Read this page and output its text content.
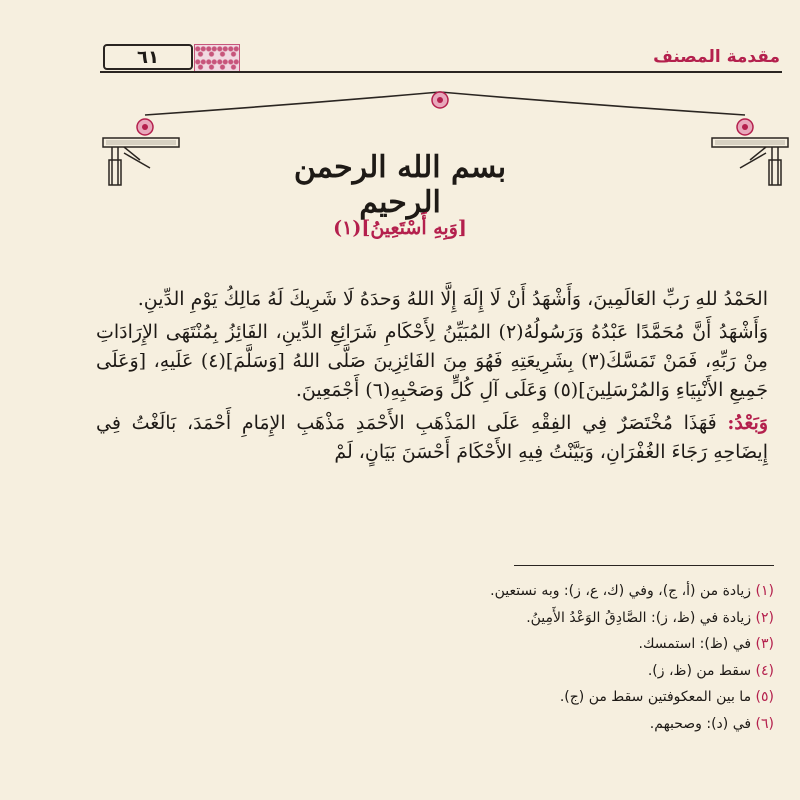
٦١	مقدمة المصنف
بسم الله الرحمن الرحيم
[وَبِهِ أَسْتَعِينُ](١)

الحَمْدُ للهِ رَبِّ العَالَمِينَ، وَأَشْهَدُ أَنْ لَا إِلَهَ إِلَّا اللهُ وَحدَهُ لَا شَرِيكَ لَهُ مَالِكُ يَوْمِ الدِّينِ.

وَأَشْهَدُ أَنَّ مُحَمَّدًا عَبْدُهُ وَرَسُولُهُ(٢) المُبَيِّنُ لِأَحْكَامِ شَرَائِعِ الدِّينِ، الفَائِزُ بِمُنْتَهَى الإِرَادَاتِ مِنْ رَبِّهِ، فَمَنْ تَمَسَّكَ(٣) بِشَرِيعَتِهِ فَهُوَ مِنَ الفَائِزِينَ صَلَّى اللهُ [وَسَلَّمَ](٤) عَلَيهِ، [وَعَلَى جَمِيعِ الأَنْبِيَاءِ وَالمُرْسَلِينَ](٥) وَعَلَى آلِ كُلٍّ وَصَحْبِهِ(٦) أَجْمَعِينَ.

وَبَعْدُ: فَهَذَا مُخْتَصَرٌ فِي الفِقْهِ عَلَى المَذْهَبِ الأَحْمَدِ مَذْهَبِ الإِمَامِ أَحْمَدَ، بَالَغْتُ فِي إِيضَاحِهِ رَجَاءَ الغُفْرَانِ، وَبَيَّنْتُ فِيهِ الأَحْكَامَ أَحْسَنَ بَيَانٍ، لَمْ

(١) زيادة من (أ، ج)، وفي (ك، ع، ز): وبه نستعين.
(٢) زيادة في (ظ، ز): الصَّادِقُ الوَعْدُ الأَمِينُ.
(٣) في (ظ): استمسك.
(٤) سقط من (ظ، ز).
(٥) ما بين المعكوفتين سقط من (ج).
(٦) في (د): وصحبهم.
